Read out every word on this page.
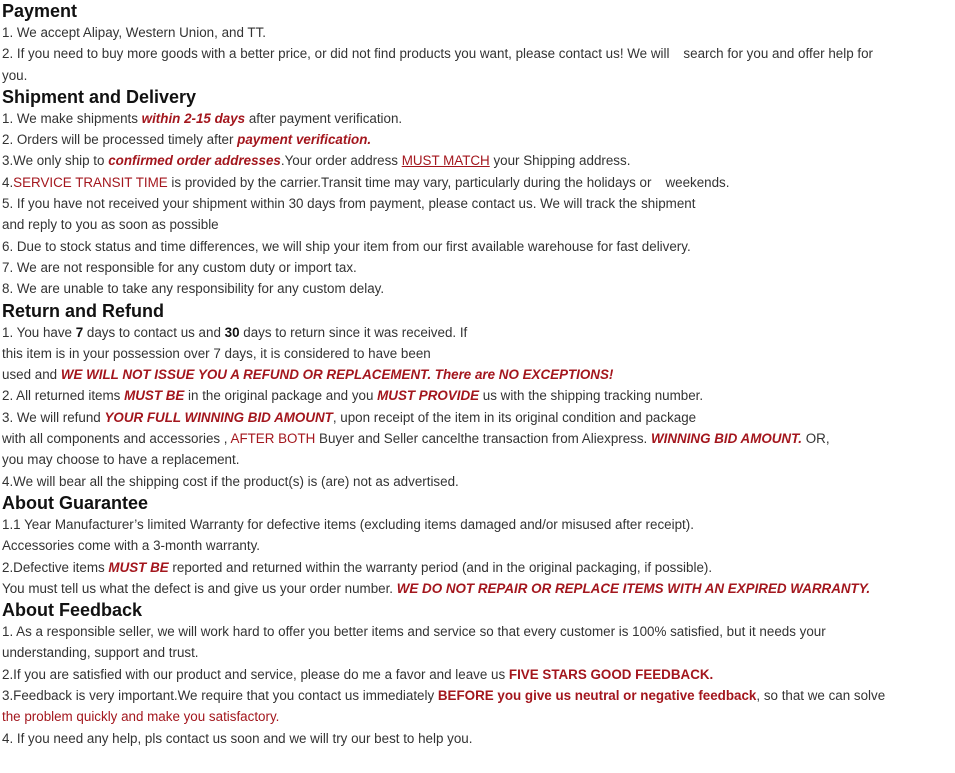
Payment
1. We accept Alipay, Western Union, and TT.
2. If you need to buy more goods with a better price, or did not find products you want, please contact us! We will search for you and offer help for
you.
Shipment and Delivery
1. We make shipments within 2-15 days after payment verification.
2. Orders will be processed timely after payment verification.
3.We only ship to confirmed order addresses.Your order address MUST MATCH your Shipping address.
4.SERVICE TRANSIT TIME is provided by the carrier.Transit time may vary, particularly during the holidays or weekends.
5. If you have not received your shipment within 30 days from payment, please contact us. We will track the shipment
and reply to you as soon as possible
6. Due to stock status and time differences, we will ship your item from our first available warehouse for fast delivery.
7. We are not responsible for any custom duty or import tax.
8. We are unable to take any responsibility for any custom delay.
Return and Refund
1. You have 7 days to contact us and 30 days to return since it was received. If
this item is in your possession over 7 days, it is considered to have been
used and WE WILL NOT ISSUE YOU A REFUND OR REPLACEMENT. There are NO EXCEPTIONS!
2. All returned items MUST BE in the original package and you MUST PROVIDE us with the shipping tracking number.
3. We will refund YOUR FULL WINNING BID AMOUNT, upon receipt of the item in its original condition and package
with all components and accessories , AFTER BOTH Buyer and Seller cancelthe transaction from Aliexpress. WINNING BID AMOUNT. OR,
you may choose to have a replacement.
4.We will bear all the shipping cost if the product(s) is (are) not as advertised.
About Guarantee
1.1 Year Manufacturer’s limited Warranty for defective items (excluding items damaged and/or misused after receipt).
Accessories come with a 3-month warranty.
2.Defective items MUST BE reported and returned within the warranty period (and in the original packaging, if possible).
You must tell us what the defect is and give us your order number. WE DO NOT REPAIR OR REPLACE ITEMS WITH AN EXPIRED WARRANTY.
About Feedback
1. As a responsible seller, we will work hard to offer you better items and service so that every customer is 100% satisfied, but it needs your
understanding, support and trust.
2.If you are satisfied with our product and service, please do me a favor and leave us FIVE STARS GOOD FEEDBACK.
3.Feedback is very important.We require that you contact us immediately BEFORE you give us neutral or negative feedback, so that we can solve
the problem quickly and make you satisfactory.
4. If you need any help, pls contact us soon and we will try our best to help you.
